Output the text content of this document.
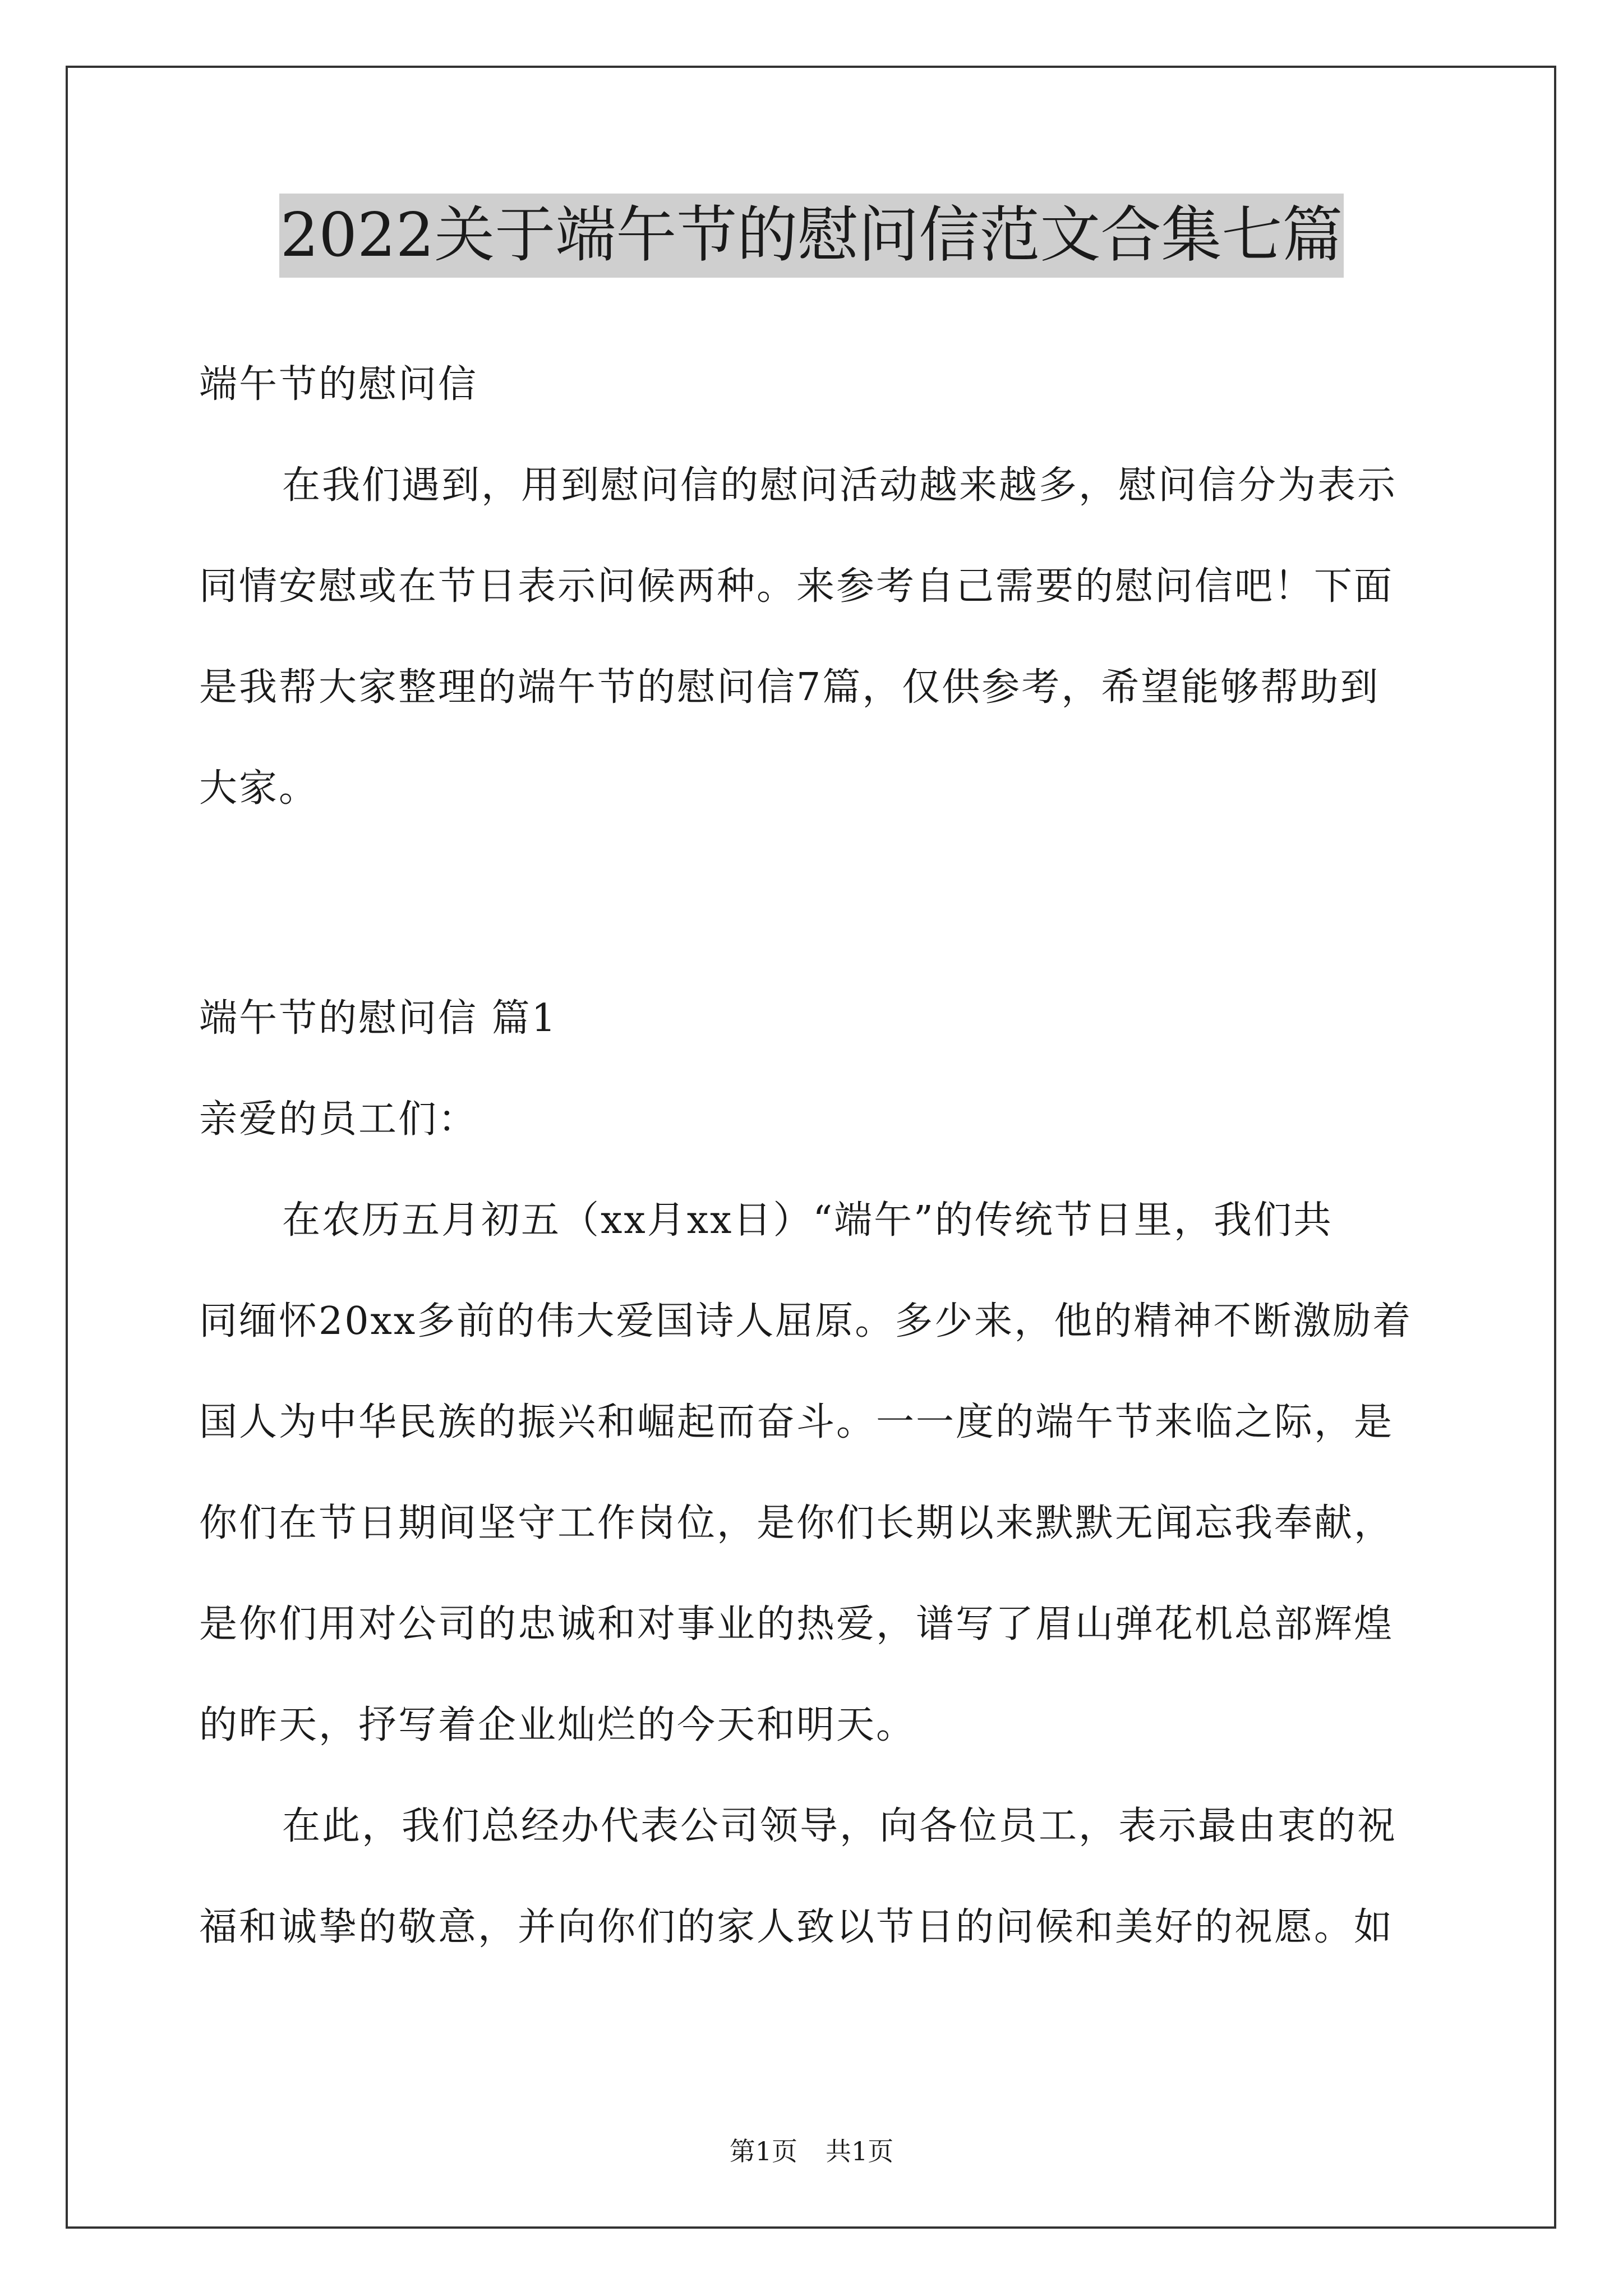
2022关于端午节的慰问信范文合集七篇
端午节的慰问信
在我们遇到，用到慰问信的慰问活动越来越多，慰问信分为表示
同情安慰或在节日表示问候两种。来参考自己需要的慰问信吧！下面
是我帮大家整理的端午节的慰问信7篇，仅供参考，希望能够帮助到
大家。
端午节的慰问信 篇1
亲爱的员工们：
在农历五月初五（xx月xx日）“端午”的传统节日里，我们共
同缅怀20xx多前的伟大爱国诗人屈原。多少来，他的精神不断激励着
国人为中华民族的振兴和崛起而奋斗。一一度的端午节来临之际，是
你们在节日期间坚守工作岗位，是你们长期以来默默无闻忘我奉献，
是你们用对公司的忠诚和对事业的热爱，谱写了眉山弹花机总部辉煌
的昨天，抒写着企业灿烂的今天和明天。
在此，我们总经办代表公司领导，向各位员工，表示最由衷的祝
福和诚挚的敬意，并向你们的家人致以节日的问候和美好的祝愿。如
第1页 共1页
